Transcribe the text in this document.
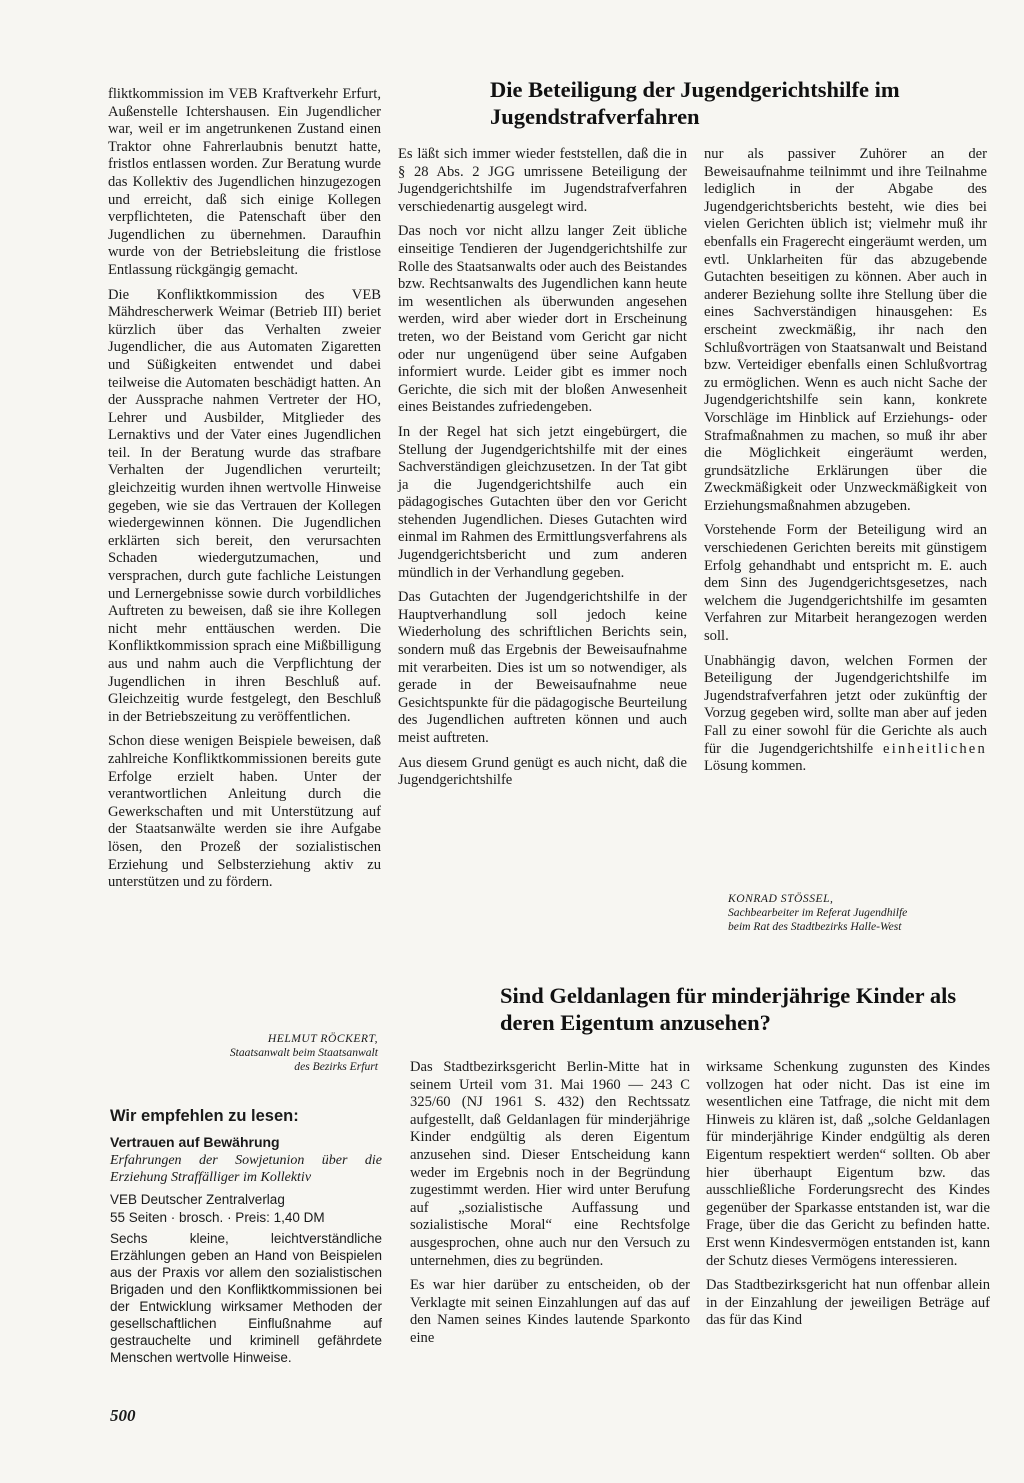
fliktkommission im VEB Kraftverkehr Erfurt, Außenstelle Ichtershausen. Ein Jugendlicher war, weil er im angetrunkenen Zustand einen Traktor ohne Fahrerlaubnis benutzt hatte, fristlos entlassen worden. Zur Beratung wurde das Kollektiv des Jugendlichen hinzugezogen und erreicht, daß sich einige Kollegen verpflichteten, die Patenschaft über den Jugendlichen zu übernehmen. Daraufhin wurde von der Betriebsleitung die fristlose Entlassung rückgängig gemacht.

Die Konfliktkommission des VEB Mähdrescherwerk Weimar (Betrieb III) beriet kürzlich über das Verhalten zweier Jugendlicher, die aus Automaten Zigaretten und Süßigkeiten entwendet und dabei teilweise die Automaten beschädigt hatten. An der Aussprache nahmen Vertreter der HO, Lehrer und Ausbilder, Mitglieder des Lernaktivs und der Vater eines Jugendlichen teil. In der Beratung wurde das strafbare Verhalten der Jugendlichen verurteilt; gleichzeitig wurden ihnen wertvolle Hinweise gegeben, wie sie das Vertrauen der Kollegen wiedergewinnen können. Die Jugendlichen erklärten sich bereit, den verursachten Schaden wiedergutzumachen, und versprachen, durch gute fachliche Leistungen und Lernergebnisse sowie durch vorbildliches Auftreten zu beweisen, daß sie ihre Kollegen nicht mehr enttäuschen werden. Die Konfliktkommission sprach eine Mißbilligung aus und nahm auch die Verpflichtung der Jugendlichen in ihren Beschluß auf. Gleichzeitig wurde festgelegt, den Beschluß in der Betriebszeitung zu veröffentlichen.

Schon diese wenigen Beispiele beweisen, daß zahlreiche Konfliktkommissionen bereits gute Erfolge erzielt haben. Unter der verantwortlichen Anleitung durch die Gewerkschaften und mit Unterstützung auf der Staatsanwälte werden sie ihre Aufgabe lösen, den Prozeß der sozialistischen Erziehung und Selbsterziehung aktiv zu unterstützen und zu fördern.

HELMUT RÖCKERT,
Staatsanwalt beim Staatsanwalt
des Bezirks Erfurt
Wir empfehlen zu lesen:
Vertrauen auf Bewährung
Erfahrungen der Sowjetunion über die Erziehung Straffälliger im Kollektiv
VEB Deutscher Zentralverlag
55 Seiten · brosch. · Preis: 1,40 DM
Sechs kleine, leichtverständliche Erzählungen geben an Hand von Beispielen aus der Praxis vor allem den sozialistischen Brigaden und den Konfliktkommissionen bei der Entwicklung wirksamer Methoden der gesellschaftlichen Einflußnahme auf gestrauchelte und kriminell gefährdete Menschen wertvolle Hinweise.
Die Beteiligung der Jugendgerichtshilfe im Jugendstrafverfahren

Es läßt sich immer wieder feststellen, daß die in § 28 Abs. 2 JGG umrissene Beteiligung der Jugendgerichtshilfe im Jugendstrafverfahren verschiedenartig ausgelegt wird.

Das noch vor nicht allzu langer Zeit übliche einseitige Tendieren der Jugendgerichtshilfe zur Rolle des Staatsanwalts oder auch des Beistandes bzw. Rechtsanwalts des Jugendlichen kann heute im wesentlichen als überwunden angesehen werden, wird aber wieder dort in Erscheinung treten, wo der Beistand vom Gericht gar nicht oder nur ungenügend über seine Aufgaben informiert wurde. Leider gibt es immer noch Gerichte, die sich mit der bloßen Anwesenheit eines Beistandes zufriedengeben.

In der Regel hat sich jetzt eingebürgert, die Stellung der Jugendgerichtshilfe mit der eines Sachverständigen gleichzusetzen. In der Tat gibt ja die Jugendgerichtshilfe auch ein pädagogisches Gutachten über den vor Gericht stehenden Jugendlichen. Dieses Gutachten wird einmal im Rahmen des Ermittlungsverfahrens als Jugendgerichtsbericht und zum anderen mündlich in der Verhandlung gegeben.

Das Gutachten der Jugendgerichtshilfe in der Hauptverhandlung soll jedoch keine Wiederholung des schriftlichen Berichts sein, sondern muß das Ergebnis der Beweisaufnahme mit verarbeiten. Dies ist um so notwendiger, als gerade in der Beweisaufnahme neue Gesichtspunkte für die pädagogische Beurteilung des Jugendlichen auftreten können und auch meist auftreten.

Aus diesem Grund genügt es auch nicht, daß die Jugendgerichtshilfe

nur als passiver Zuhörer an der Beweisaufnahme teilnimmt und ihre Teilnahme lediglich in der Abgabe des Jugendgerichtsberichts besteht, wie dies bei vielen Gerichten üblich ist; vielmehr muß ihr ebenfalls ein Fragerecht eingeräumt werden, um evtl. Unklarheiten für das abzugebende Gutachten beseitigen zu können. Aber auch in anderer Beziehung sollte ihre Stellung über die eines Sachverständigen hinausgehen: Es erscheint zweckmäßig, ihr nach den Schlußvorträgen von Staatsanwalt und Beistand bzw. Verteidiger ebenfalls einen Schlußvortrag zu ermöglichen. Wenn es auch nicht Sache der Jugendgerichtshilfe sein kann, konkrete Vorschläge im Hinblick auf Erziehungs- oder Strafmaßnahmen zu machen, so muß ihr aber die Möglichkeit eingeräumt werden, grundsätzliche Erklärungen über die Zweckmäßigkeit oder Unzweckmäßigkeit von Erziehungsmaßnahmen abzugeben.

Vorstehende Form der Beteiligung wird an verschiedenen Gerichten bereits mit günstigem Erfolg gehandhabt und entspricht m. E. auch dem Sinn des Jugendgerichtsgesetzes, nach welchem die Jugendgerichtshilfe im gesamten Verfahren zur Mitarbeit herangezogen werden soll.

Unabhängig davon, welchen Formen der Beteiligung der Jugendgerichtshilfe im Jugendstrafverfahren jetzt oder zukünftig der Vorzug gegeben wird, sollte man aber auf jeden Fall zu einer sowohl für die Gerichte als auch für die Jugendgerichtshilfe einheitlichen Lösung kommen.

KONRAD STÖSSEL,
Sachbearbeiter im Referat Jugendhilfe
beim Rat des Stadtbezirks Halle-West
Sind Geldanlagen für minderjährige Kinder als deren Eigentum anzusehen?

Das Stadtbezirksgericht Berlin-Mitte hat in seinem Urteil vom 31. Mai 1960 — 243 C 325/60 (NJ 1961 S. 432) den Rechtssatz aufgestellt, daß Geldanlagen für minderjährige Kinder endgültig als deren Eigentum anzusehen sind. Dieser Entscheidung kann weder im Ergebnis noch in der Begründung zugestimmt werden. Hier wird unter Berufung auf „sozialistische Auffassung und sozialistische Moral“ eine Rechtsfolge ausgesprochen, ohne auch nur den Versuch zu unternehmen, dies zu begründen.

Es war hier darüber zu entscheiden, ob der Verklagte mit seinen Einzahlungen auf das auf den Namen seines Kindes lautende Sparkonto eine

wirksame Schenkung zugunsten des Kindes vollzogen hat oder nicht. Das ist eine im wesentlichen eine Tatfrage, die nicht mit dem Hinweis zu klären ist, daß „solche Geldanlagen für minderjährige Kinder endgültig als deren Eigentum respektiert werden“ sollten. Ob aber hier überhaupt Eigentum bzw. das ausschließliche Forderungsrecht des Kindes gegenüber der Sparkasse entstanden ist, war die Frage, über die das Gericht zu befinden hatte. Erst wenn Kindesvermögen entstanden ist, kann der Schutz dieses Vermögens interessieren.

Das Stadtbezirksgericht hat nun offenbar allein in der Einzahlung der jeweiligen Beträge auf das für das Kind

500
